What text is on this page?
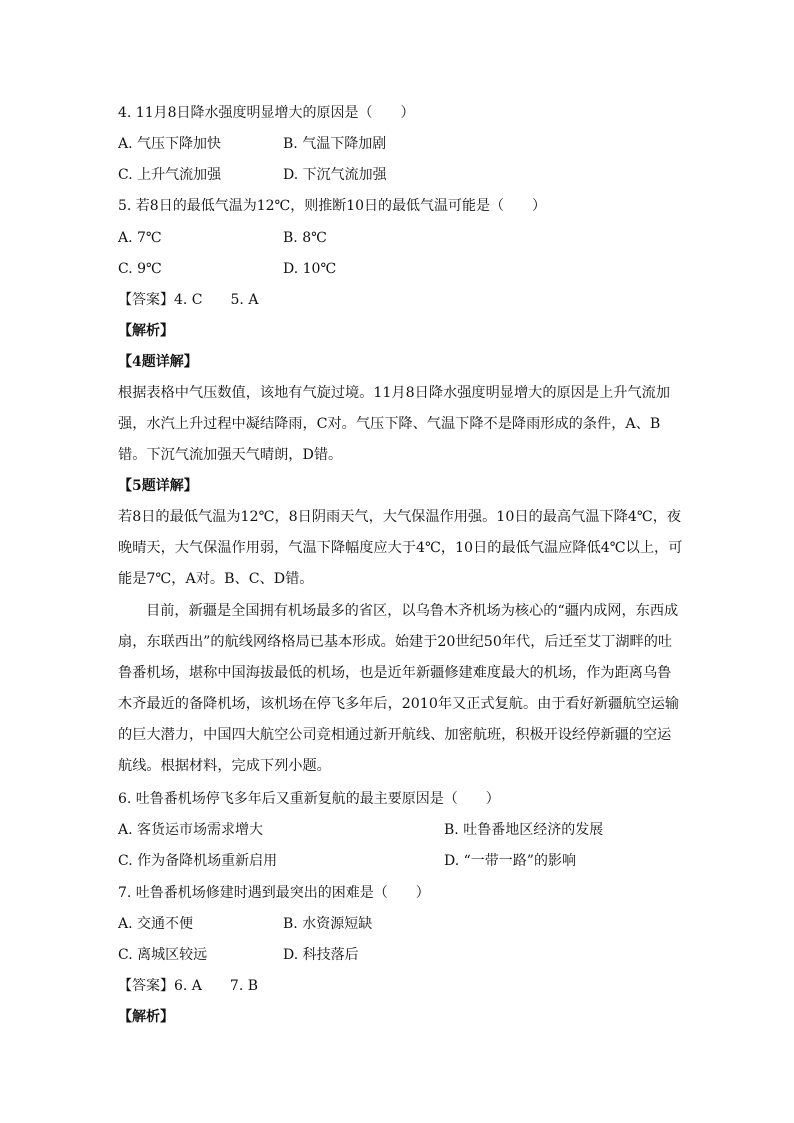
4. 11月8日降水强度明显增大的原因是（　　）
A. 气压下降加快	B. 气温下降加剧
C. 上升气流加强	D. 下沉气流加强
5. 若8日的最低气温为12℃，则推断10日的最低气温可能是（　　）
A. 7℃	B. 8℃
C. 9℃	D. 10℃
【答案】4. C　　5. A
【解析】
【4题详解】
根据表格中气压数值，该地有气旋过境。11月8日降水强度明显增大的原因是上升气流加强，水汽上升过程中凝结降雨，C对。气压下降、气温下降不是降雨形成的条件，A、B错。下沉气流加强天气晴朗，D错。
【5题详解】
若8日的最低气温为12℃，8日阴雨天气，大气保温作用强。10日的最高气温下降4℃，夜晚晴天，大气保温作用弱，气温下降幅度应大于4℃，10日的最低气温应降低4℃以上，可能是7℃，A对。B、C、D错。
目前，新疆是全国拥有机场最多的省区，以乌鲁木齐机场为核心的“疆内成网，东西成扇，东联西出”的航线网络格局已基本形成。始建于20世纪50年代，后迁至艾丁湖畔的吐鲁番机场，堪称中国海拔最低的机场，也是近年新疆修建难度最大的机场，作为距离乌鲁木齐最近的备降机场，该机场在停飞多年后，2010年又正式复航。由于看好新疆航空运输的巨大潜力，中国四大航空公司竞相通过新开航线、加密航班，积极开设经停新疆的空运航线。根据材料，完成下列小题。
6. 吐鲁番机场停飞多年后又重新复航的最主要原因是（　　）
A. 客货运市场需求增大	B. 吐鲁番地区经济的发展
C. 作为备降机场重新启用	D. “一带一路”的影响
7. 吐鲁番机场修建时遇到最突出的困难是（　　）
A. 交通不便	B. 水资源短缺
C. 离城区较远	D. 科技落后
【答案】6. A　　7. B
【解析】
